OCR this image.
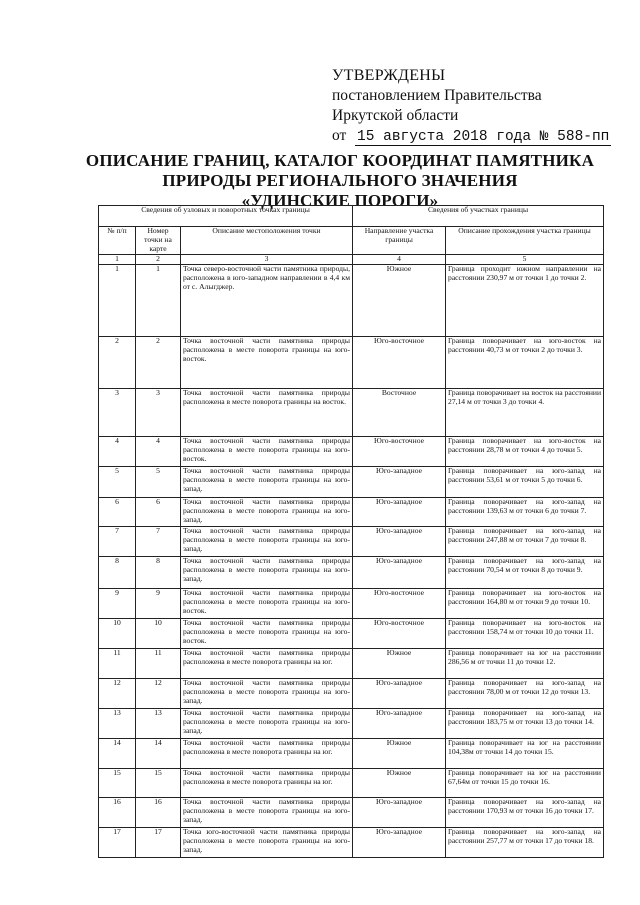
УТВЕРЖДЕНЫ
постановлением Правительства
Иркутской области
от 15 августа 2018 года № 588-пп
ОПИСАНИЕ ГРАНИЦ, КАТАЛОГ КООРДИНАТ ПАМЯТНИКА
ПРИРОДЫ РЕГИОНАЛЬНОГО ЗНАЧЕНИЯ
«УДИНСКИЕ ПОРОГИ»
Сведения об узловых и поворотных точках границы			Сведения об участках границы	
№ п/п	Номер точки на карте	Описание местоположения точки	Направление участка границы	Описание прохождения участка границы
1	2	3	4	5
1	1	Точка северо-восточной части памятника природы, расположена в юго-западном направлении в 4,4 км от с. Алыгджер.	Южное	Граница проходит южном направлении на расстоянии 230,97 м от точки 1 до точки 2.
2	2	Точка восточной части памятника природы расположена в месте поворота границы на юго-восток.	Юго-восточное	Граница поворачивает на юго-восток на расстоянии 40,73 м от точки 2 до точки 3.
3	3	Точка восточной части памятника природы расположена в месте поворота границы на восток.	Восточное	Граница поворачивает на восток на расстоянии 27,14 м от точки 3 до точки 4.
4	4	Точка восточной части памятника природы расположена в месте поворота границы на юго-восток.	Юго-восточное	Граница поворачивает на юго-восток на расстоянии 28,78 м от точки 4 до точки 5.
5	5	Точка восточной части памятника природы расположена в месте поворота границы на юго-запад.	Юго-западное	Граница поворачивает на юго-запад на расстоянии 53,61 м от точки 5 до точки 6.
6	6	Точка восточной части памятника природы расположена в месте поворота границы на юго-запад.	Юго-западное	Граница поворачивает на юго-запад на расстоянии 139,63 м от точки 6 до точки 7.
7	7	Точка восточной части памятника природы расположена в месте поворота границы на юго-запад.	Юго-западное	Граница поворачивает на юго-запад на расстоянии 247,88 м от точки 7 до точки 8.
8	8	Точка восточной части памятника природы расположена в месте поворота границы на юго-запад.	Юго-западное	Граница поворачивает на юго-запад на расстоянии 70,54 м от точки 8 до точки 9.
9	9	Точка восточной части памятника природы расположена в месте поворота границы на юго-восток.	Юго-восточное	Граница поворачивает на юго-восток на расстоянии 164,80 м от точки 9 до точки 10.
10	10	Точка восточной части памятника природы расположена в месте поворота границы на юго-восток.	Юго-восточное	Граница поворачивает на юго-восток на расстоянии 158,74 м от точки 10 до точки 11.
11	11	Точка восточной части памятника природы расположена в месте поворота границы на юг.	Южное	Граница поворачивает на юг на расстоянии 286,56 м от точки 11 до точки 12.
12	12	Точка восточной части памятника природы расположена в месте поворота границы на юго-запад.	Юго-западное	Граница поворачивает на юго-запад на расстоянии 78,00 м от точки 12 до точки 13.
13	13	Точка восточной части памятника природы расположена в месте поворота границы на юго-запад.	Юго-западное	Граница поворачивает на юго-запад на расстоянии 183,75 м от точки 13 до точки 14.
14	14	Точка восточной части памятника природы расположена в месте поворота границы на юг.	Южное	Граница поворачивает на юг на расстоянии 104,38м от точки 14 до точки 15.
15	15	Точка восточной части памятника природы расположена в месте поворота границы на юг.	Южное	Граница поворачивает на юг на расстоянии 67,64м от точки 15 до точки 16.
16	16	Точка восточной части памятника природы расположена в месте поворота границы на юго-запад.	Юго-западное	Граница поворачивает на юго-запад на расстоянии 170,93 м от точки 16 до точки 17.
17	17	Точка юго-восточной части памятника природы расположена в месте поворота границы на юго-запад.	Юго-западное	Граница поворачивает на юго-запад на расстоянии 257,77 м от точки 17 до точки 18.
